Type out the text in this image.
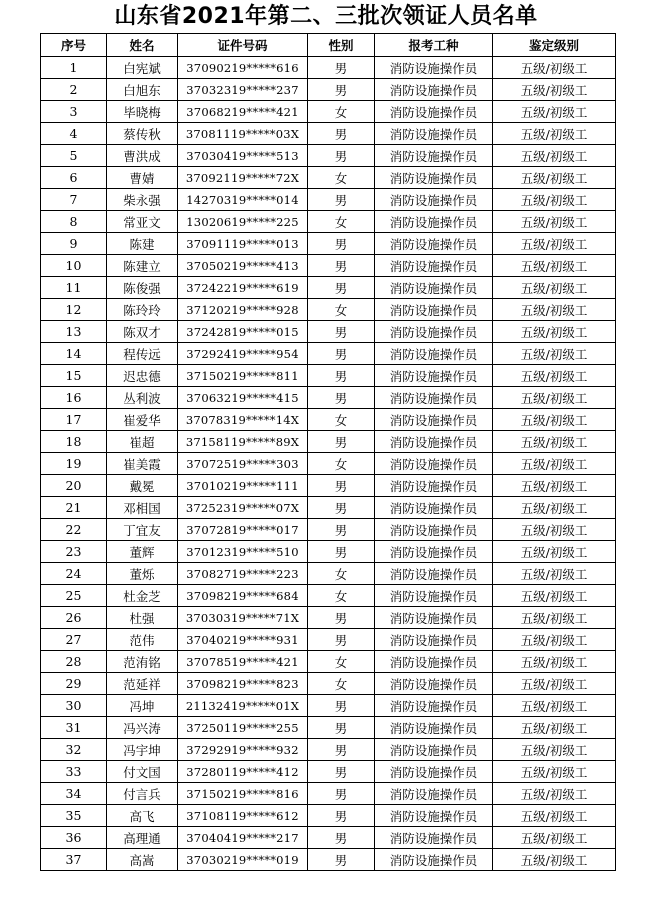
山东省2021年第二、三批次领证人员名单
序号	姓名	证件号码	性别	报考工种	鉴定级别
1	白宪斌	37090219*****616	男	消防设施操作员	五级/初级工
2	白旭东	37032319*****237	男	消防设施操作员	五级/初级工
3	毕晓梅	37068219*****421	女	消防设施操作员	五级/初级工
4	蔡传秋	37081119*****03X	男	消防设施操作员	五级/初级工
5	曹洪成	37030419*****513	男	消防设施操作员	五级/初级工
6	曹婧	37092119*****72X	女	消防设施操作员	五级/初级工
7	柴永强	14270319*****014	男	消防设施操作员	五级/初级工
8	常亚文	13020619*****225	女	消防设施操作员	五级/初级工
9	陈建	37091119*****013	男	消防设施操作员	五级/初级工
10	陈建立	37050219*****413	男	消防设施操作员	五级/初级工
11	陈俊强	37242219*****619	男	消防设施操作员	五级/初级工
12	陈玲玲	37120219*****928	女	消防设施操作员	五级/初级工
13	陈双才	37242819*****015	男	消防设施操作员	五级/初级工
14	程传远	37292419*****954	男	消防设施操作员	五级/初级工
15	迟忠德	37150219*****811	男	消防设施操作员	五级/初级工
16	丛利波	37063219*****415	男	消防设施操作员	五级/初级工
17	崔爱华	37078319*****14X	女	消防设施操作员	五级/初级工
18	崔超	37158119*****89X	男	消防设施操作员	五级/初级工
19	崔美霞	37072519*****303	女	消防设施操作员	五级/初级工
20	戴冕	37010219*****111	男	消防设施操作员	五级/初级工
21	邓相国	37252319*****07X	男	消防设施操作员	五级/初级工
22	丁宜友	37072819*****017	男	消防设施操作员	五级/初级工
23	董辉	37012319*****510	男	消防设施操作员	五级/初级工
24	董烁	37082719*****223	女	消防设施操作员	五级/初级工
25	杜金芝	37098219*****684	女	消防设施操作员	五级/初级工
26	杜强	37030319*****71X	男	消防设施操作员	五级/初级工
27	范伟	37040219*****931	男	消防设施操作员	五级/初级工
28	范洧铭	37078519*****421	女	消防设施操作员	五级/初级工
29	范延祥	37098219*****823	女	消防设施操作员	五级/初级工
30	冯坤	21132419*****01X	男	消防设施操作员	五级/初级工
31	冯兴涛	37250119*****255	男	消防设施操作员	五级/初级工
32	冯宇坤	37292919*****932	男	消防设施操作员	五级/初级工
33	付文国	37280119*****412	男	消防设施操作员	五级/初级工
34	付言兵	37150219*****816	男	消防设施操作员	五级/初级工
35	高飞	37108119*****612	男	消防设施操作员	五级/初级工
36	高理通	37040419*****217	男	消防设施操作员	五级/初级工
37	高嵩	37030219*****019	男	消防设施操作员	五级/初级工
